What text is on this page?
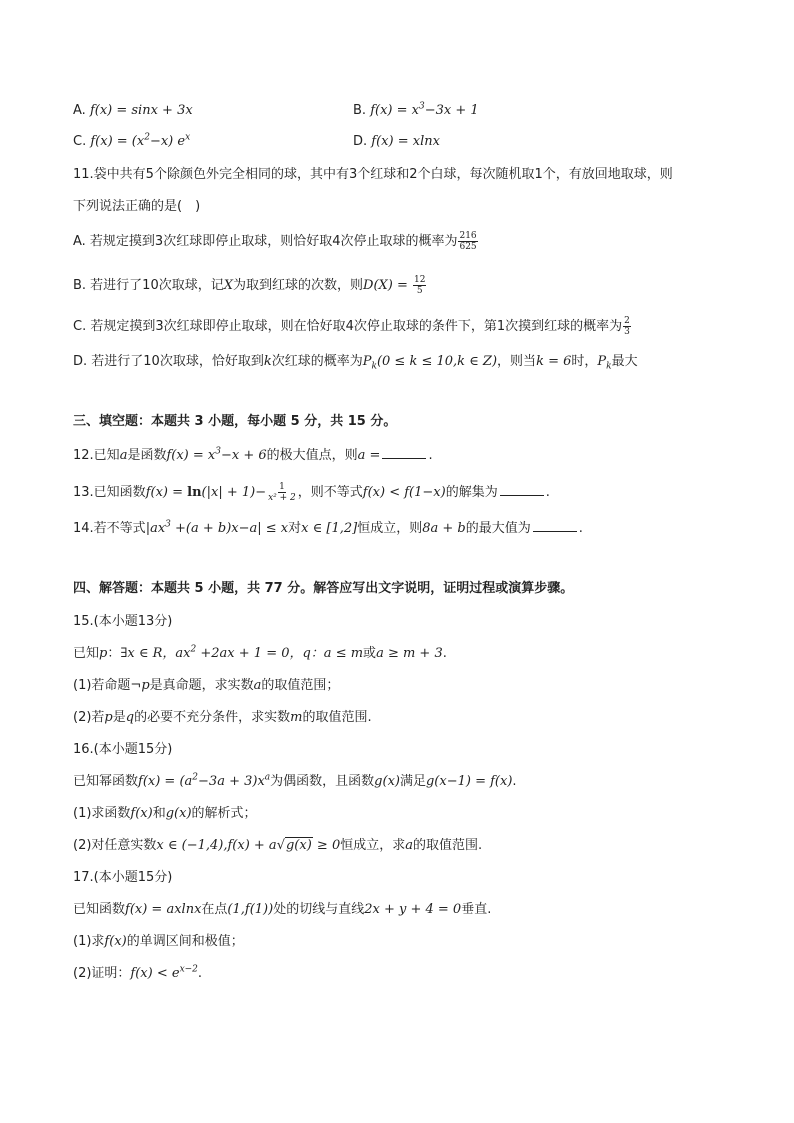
A. f(x) = sinx + 3x	B. $f(x) = x^3-3x + 1$
C. $f(x) = (x^2-x)$ $e^x$	D. f(x) = xlnx
11.袋中共有5个除颜色外完全相同的球，其中有3个红球和2个白球，每次随机取1个，有放回地取球，则
下列说法正确的是(　)
A. 若规定摸到3次红球即停止取球，则恰好取4次停止取球的概率为 $\frac{216}{625}$
B. 若进行了10次取球，记X为取到红球的次数，则$D(X) = \frac{12}{5}$
C. 若规定摸到3次红球即停止取球，则在恰好取4次停止取球的条件下，第1次摸到红球的概率为 $\frac{2}{3}$
D. 若进行了10次取球，恰好取到k次红球的概率为$P_k(0 \le k \le 10,k$ ∈ Z)，则当k = 6时，$P_k$最大
三、填空题：本题共 3 小题，每小题 5 分，共 15 分。
12.已知a是函数$f(x) = x^3-x + 6$的极大值点，则a =	.
13.已知函数$f(x) = \ln(|x| + 1)- \frac{1}{\text{x² + 2}}$ ，则不等式f(x) < f(1−x)的解集为	.
14.若不等式$|ax^3 +(a + b)x-a| \le x$对x ∈ [1,2]恒成立，则8a + b的最大值为	.
四、解答题：本题共 5 小题，共 77 分。解答应写出文字说明，证明过程或演算步骤。
15.(本小题13分)
已知p：∃x ∈ R，$ax^2 +2ax + 1 = 0$，q：a ≤ m或a ≥ m + 3.
(1)若命题¬p是真命题，求实数a的取值范围；
(2)若p是q的必要不充分条件，求实数m的取值范围.
16.(本小题15分)
已知幂函数$f(x) = (a^2-3a + 3)x^a$为偶函数，且函数g(x)满足g(x−1) = f(x).
(1)求函数f(x)和g(x)的解析式；
(2)对任意实数x ∈ (−1,4),f(x) + a√g(x) ≥ 0恒成立，求a的取值范围.
17.(本小题15分)
已知函数f(x) = axlnx在点(1,f(1))处的切线与直线2x + y + 4 = 0垂直.
(1)求f(x)的单调区间和极值；
(2)证明：$f(x) < e^{x-2}$.
